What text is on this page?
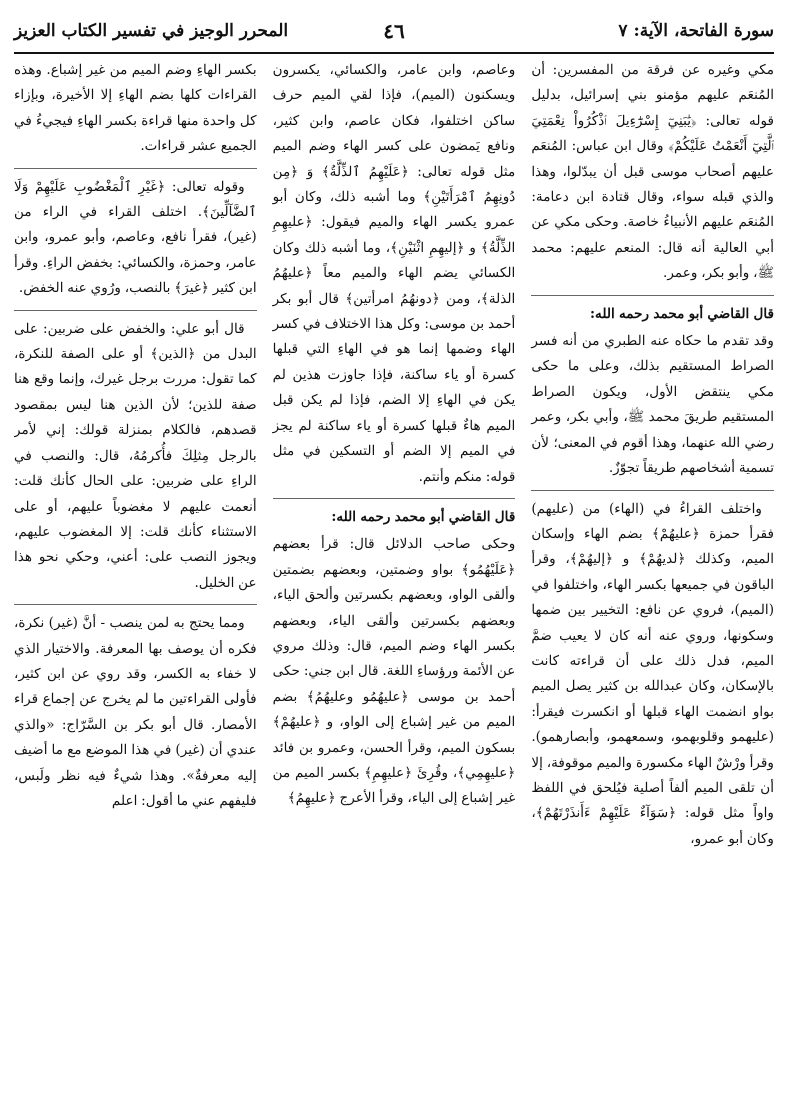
سورة الفاتحة، الآية: ٧
٤٦
المحرر الوجيز في تفسير الكتاب العزيز

مكي وغيره عن فرقة من المفسرين: أن المُنعَم عليهم مؤمنو بني إسرائيل، بدليل قوله تعالى: ﴿يَٰبَنِيٓ إِسْرَٰٓءِيلَ ٱذْكُرُواْ نِعْمَتِيَ ٱلَّتِيٓ أَنْعَمْتُ عَلَيْكُمْ﴾ وقال ابن عباس: المُنعَم عليهم أصحاب موسى قبل أن يبدّلوا، وهذا والذي قبله سواء، وقال قتادة ابن دعامة: المُنعَم عليهم الأنبياءُ خاصة. وحكى مكي عن أبي العالية أنه قال: المنعم عليهم: محمد ﷺ، وأبو بكر، وعمر.

قال القاضي أبو محمد رحمه الله:

وقد تقدم ما حكاه عنه الطبري من أنه فسر الصراط المستقيم بذلك، وعلى ما حكى مكي ينتقض الأول، ويكون الصراط المستقيم طريقَ محمد ﷺ، وأبي بكر، وعمر رضي الله عنهما، وهذا أقوم في المعنى؛ لأن تسمية أشخاصهم طريقاً تجوّزٌ.

واختلف القراءُ في (الهاء) من (عليهم) فقرأ حمزة ﴿عليهُمْ﴾ بضم الهاء وإسكان الميم، وكذلك ﴿لديهُمْ﴾ و ﴿إليهُمْ﴾، وقرأ الباقون في جميعها بكسر الهاء، واختلفوا في (الميم)، فروي عن نافع: التخيير بين ضمها وسكونها، وروي عنه أنه كان لا يعيب ضمَّ الميم، فدل ذلك على أن قراءته كانت بالإسكان، وكان عبدالله بن كثير يصل الميم بواو انضمت الهاء قبلها أو انكسرت فيقرأ: (عليهمو وقلوبهمو، وسمعهمو، وأبصارهمو). وقرأ ورْشٌ الهاء مكسورة والميم موقوفة، إلا أن تلقى الميم ألفاً أصلية فيُلحق في اللفظ واواً مثل قوله: ﴿سَوَآءٌ عَلَيْهِمْ ءَأَنذَرْتَهُمْ﴾، وكان أبو عمرو،

وعاصم، وابن عامر، والكسائي، يكسرون ويسكنون (الميم)، فإذا لقي الميم حرف ساكن اختلفوا، فكان عاصم، وابن كثير، ونافع يَمضون على كسر الهاء وضم الميم مثل قوله تعالى: ﴿عَلَيْهِمُ ٱلذِّلَّةُ﴾ وَ ﴿مِن دُونِهِمُ ٱمْرَأَتَيْنِ﴾ وما أشبه ذلك، وكان أبو عمرو يكسر الهاء والميم فيقول: ﴿عليهِمِ الذِّلَّةُ﴾ و ﴿إليهِمِ اثْنَيْنِ﴾، وما أشبه ذلك وكان الكسائي يضم الهاء والميم معاً ﴿عليهُمُ الذلة﴾، ومن ﴿دونهُمُ امرأتين﴾ قال أبو بكر أحمد بن موسى: وكل هذا الاختلاف في كسر الهاء وضمها إنما هو في الهاءِ التي قبلها كسرة أو ياء ساكنة، فإذا جاوزت هذين لم يكن في الهاءِ إلا الضم، فإذا لم يكن قبل الميم هاءٌ قبلها كسرة أو ياء ساكنة لم يجز في الميم إلا الضم أو التسكين في مثل قوله: منكم وأنتم.

قال القاضي أبو محمد رحمه الله:

وحكى صاحب الدلائل قال: قرأ بعضهم ﴿عَلَيْهُمُو﴾ بواو وضمتين، وبعضهم بضمتين وألقى الواو، وبعضهم بكسرتين وألحق الياء، وبعضهم بكسرتين وألقى الياء، وبعضهم بكسر الهاء وضم الميم، قال: وذلك مروي عن الأئمة ورؤساءِ اللغة. قال ابن جني: حكى أحمد بن موسى ﴿عليهُمُو وعليهُمُ﴾ بضم الميم من غير إشباع إلى الواو، و ﴿عليهُمْ﴾ بسكون الميم، وقرأ الحسن، وعمرو بن فائد ﴿عليهِمِي﴾، وقُرِئَ ﴿عليهِمِ﴾ بكسر الميم من غير إشباع إلى الياء، وقرأ الأعرج ﴿عليهِمُ﴾

بكسر الهاءِ وضم الميم من غير إشباع. وهذه القراءات كلها بضم الهاءِ إلا الأخيرة، وبإزاء كل واحدة منها قراءة بكسر الهاءِ فيجيءُ في الجميع عشر قراءات.

وقوله تعالى: ﴿غَيْرِ ٱلْمَغْضُوبِ عَلَيْهِمْ وَلَا ٱلضَّآلِّينَ﴾. اختلف القراء في الراء من (غير)، فقرأ نافع، وعاصم، وأبو عمرو، وابن عامر، وحمزة، والكسائي: بخفض الراءِ. وقرأ ابن كثير ﴿غيرَ﴾ بالنصب، ورُوي عنه الخفض.

قال أبو علي: والخفض على ضربين: على البدل من ﴿الذين﴾ أو على الصفة للنكرة، كما تقول: مررت برجل غيرك، وإنما وقع هنا صفة للذين؛ لأن الذين هنا ليس بمقصود قصدهم، فالكلام بمنزلة قولك: إني لأمر بالرجل مِثلِكَ فأُكرمُهُ، قال: والنصب في الراءِ على ضربين: على الحال كأنك قلت: أنعمت عليهم لا مغضوباً عليهم، أو على الاستثناء كأنك قلت: إلا المغضوب عليهم، ويجوز النصب على: أعني، وحكي نحو هذا عن الخليل.

ومما يحتج به لمن ينصب - أنَّ (غير) نكرة، فكره أن يوصف بها المعرفة. والاختيار الذي لا خفاء به الكسر، وقد روي عن ابن كثير، فأولى القراءتين ما لم يخرج عن إجماع قراء الأمصار. قال أبو بكر بن السَّرّاج: «والذي عندي أن (غير) في هذا الموضع مع ما أضيف إليه معرفةٌ». وهذا شيءٌ فيه نظر ولَبس، فليفهم عني ما أقول: اعلم
